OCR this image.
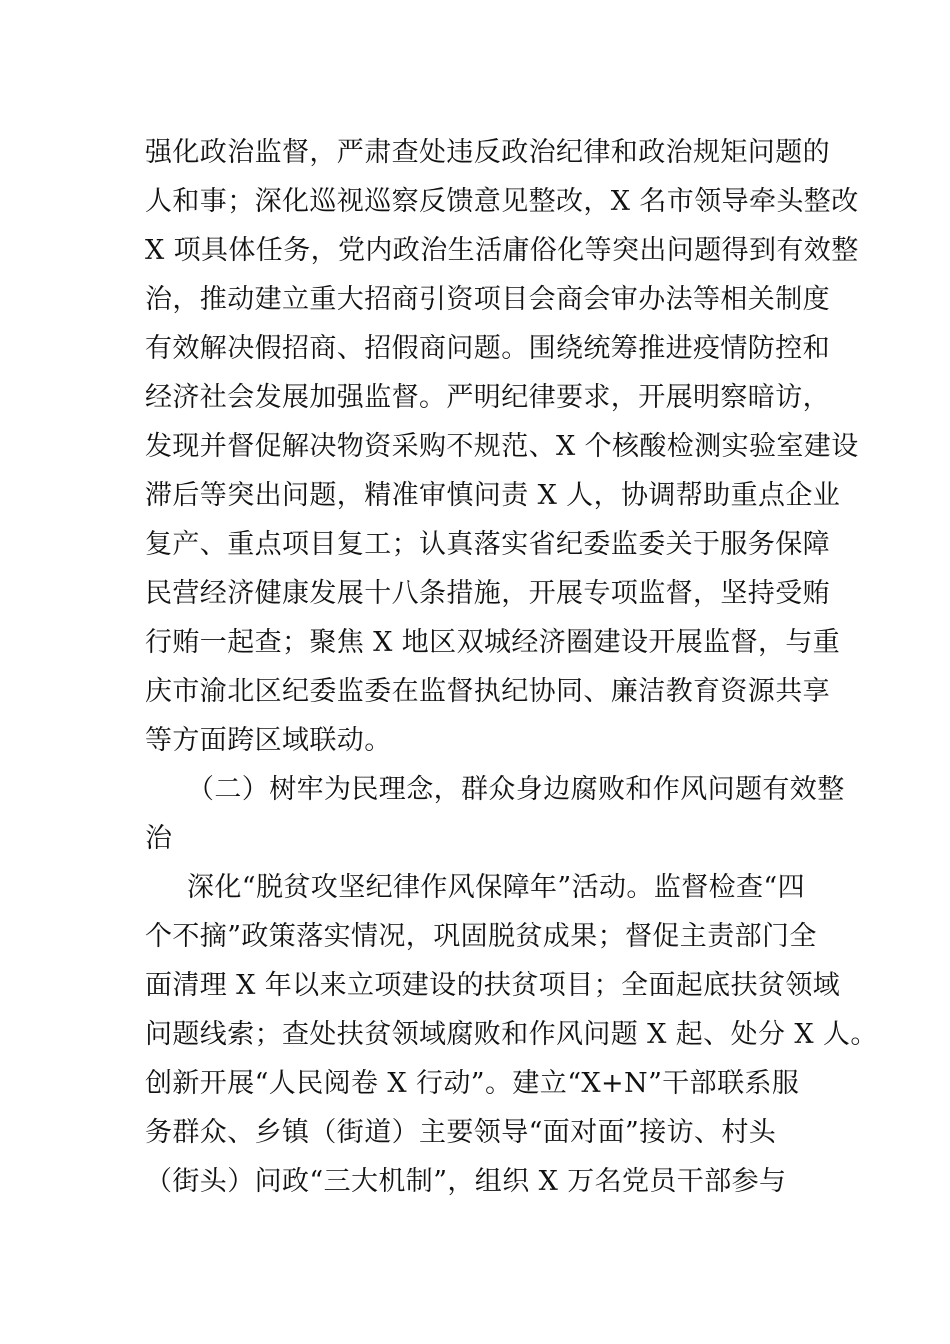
强化政治监督，严肃查处违反政治纪律和政治规矩问题的
人和事；深化巡视巡察反馈意见整改，X 名市领导牵头整改
X 项具体任务，党内政治生活庸俗化等突出问题得到有效整
治，推动建立重大招商引资项目会商会审办法等相关制度
有效解决假招商、招假商问题。围绕统筹推进疫情防控和
经济社会发展加强监督。严明纪律要求，开展明察暗访，
发现并督促解决物资采购不规范、X 个核酸检测实验室建设
滞后等突出问题，精准审慎问责 X 人，协调帮助重点企业
复产、重点项目复工；认真落实省纪委监委关于服务保障
民营经济健康发展十八条措施，开展专项监督，坚持受贿
行贿一起查；聚焦 X 地区双城经济圈建设开展监督，与重
庆市渝北区纪委监委在监督执纪协同、廉洁教育资源共享
等方面跨区域联动。
（二）树牢为民理念，群众身边腐败和作风问题有效整
治
深化“脱贫攻坚纪律作风保障年”活动。监督检查“四
个不摘”政策落实情况，巩固脱贫成果；督促主责部门全
面清理 X 年以来立项建设的扶贫项目；全面起底扶贫领域
问题线索；查处扶贫领域腐败和作风问题 X 起、处分 X 人。
创新开展“人民阅卷 X 行动”。建立“X+N”干部联系服
务群众、乡镇（街道）主要领导“面对面”接访、村头
（街头）问政“三大机制”，组织 X 万名党员干部参与
